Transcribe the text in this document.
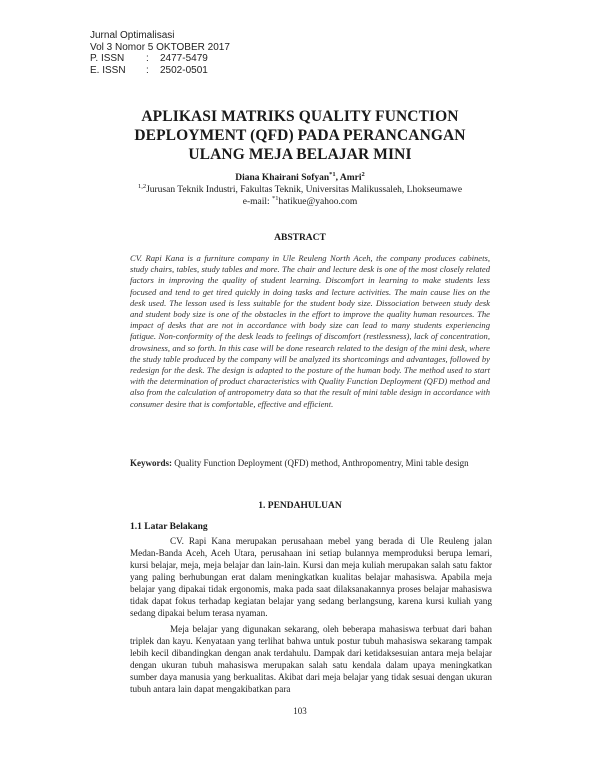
Jurnal Optimalisasi
Vol 3 Nomor 5 OKTOBER 2017
P. ISSN	:	2477-5479
E. ISSN	:	2502-0501
APLIKASI MATRIKS QUALITY FUNCTION
DEPLOYMENT (QFD) PADA PERANCANGAN
ULANG MEJA BELAJAR MINI
Diana Khairani Sofyan$^{*1}$, Amri$^2$
$^{1,2}$Jurusan Teknik Industri, Fakultas Teknik, Universitas Malikussaleh, Lhokseumawe
e-mail: $^{*1}$hatikue@yahoo.com
ABSTRACT
CV. Rapi Kana is a furniture company in Ule Reuleng North Aceh, the company produces cabinets, study chairs, tables, study tables and more. The chair and lecture desk is one of the most closely related factors in improving the quality of student learning. Discomfort in learning to make students less focused and tend to get tired quickly in doing tasks and lecture activities. The main cause lies on the desk used. The lesson used is less suitable for the student body size. Dissociation between study desk and student body size is one of the obstacles in the effort to improve the quality human resources. The impact of desks that are not in accordance with body size can lead to many students experiencing fatigue. Non-conformity of the desk leads to feelings of discomfort (restlessness), lack of concentration, drowsiness, and so forth. In this case will be done research related to the design of the mini desk, where the study table produced by the company will be analyzed its shortcomings and advantages, followed by redesign for the desk. The design is adapted to the posture of the human body. The method used to start with the determination of product characteristics with Quality Function Deployment (QFD) method and also from the calculation of antropometry data so that the result of mini table design in accordance with consumer desire that is comfortable, effective and efficient.
Keywords: Quality Function Deployment (QFD) method, Anthropomentry, Mini table design
1. PENDAHULUAN
1.1 Latar Belakang

CV. Rapi Kana merupakan perusahaan mebel yang berada di Ule Reuleng jalan Medan-Banda Aceh, Aceh Utara, perusahaan ini setiap bulannya memproduksi berupa lemari, kursi belajar, meja, meja belajar dan lain-lain. Kursi dan meja kuliah merupakan salah satu faktor yang paling berhubungan erat dalam meningkatkan kualitas belajar mahasiswa. Apabila meja belajar yang dipakai tidak ergonomis, maka pada saat dilaksanakannya proses belajar mahasiswa tidak dapat fokus terhadap kegiatan belajar yang sedang berlangsung, karena kursi kuliah yang sedang dipakai belum terasa nyaman.

Meja belajar yang digunakan sekarang, oleh beberapa mahasiswa terbuat dari bahan triplek dan kayu. Kenyataan yang terlihat bahwa untuk postur tubuh mahasiswa sekarang tampak lebih kecil dibandingkan dengan anak terdahulu. Dampak dari ketidaksesuian antara meja belajar dengan ukuran tubuh mahasiswa merupakan salah satu kendala dalam upaya meningkatkan sumber daya manusia yang berkualitas. Akibat dari meja belajar yang tidak sesuai dengan ukuran tubuh antara lain dapat mengakibatkan para

103
